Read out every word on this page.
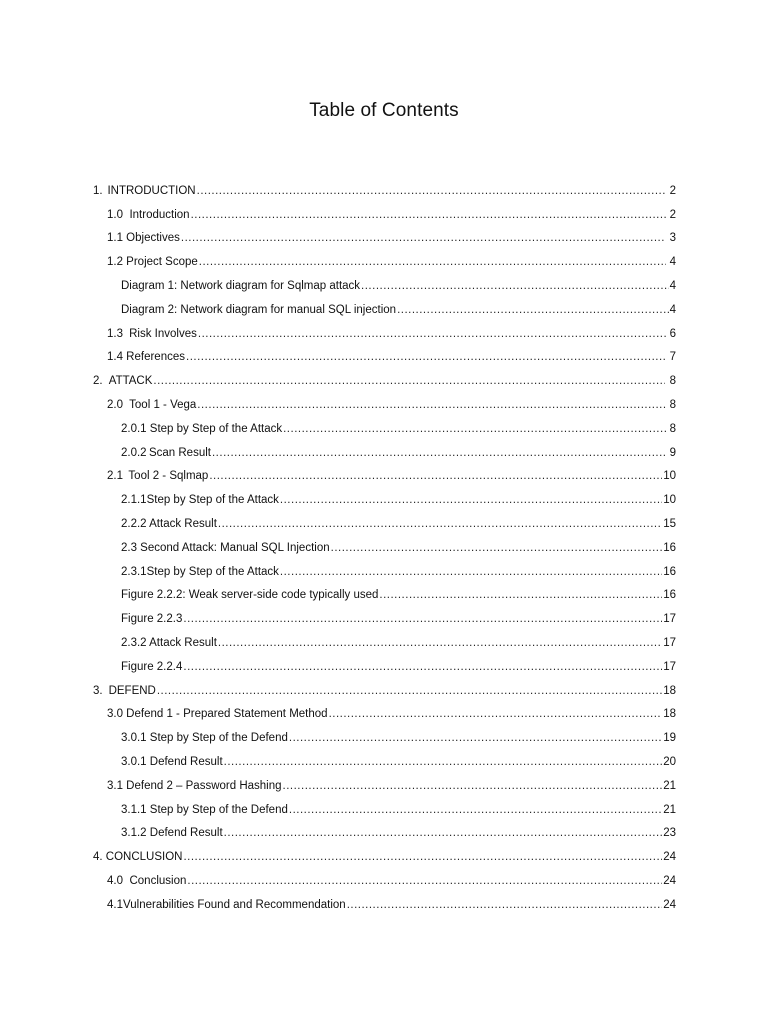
Table of Contents
1. INTRODUCTION .....	2
1.0 Introduction .....	2
1.1 Objectives .....	3
1.2 Project Scope .....	4
Diagram 1: Network diagram for Sqlmap attack .....	4
Diagram 2: Network diagram for manual SQL injection .....	4
1.3 Risk Involves .....	6
1.4 References .....	7
2. ATTACK .....	8
2.0 Tool 1 - Vega .....	8
2.0.1 Step by Step of the Attack .....	8
2.0.2 Scan Result .....	9
2.1 Tool 2 - Sqlmap .....	10
2.1.1 Step by Step of the Attack .....	10
2.2.2 Attack Result .....	15
2.3 Second Attack: Manual SQL Injection .....	16
2.3.1 Step by Step of the Attack .....	16
Figure 2.2.2: Weak server-side code typically used .....	16
Figure 2.2.3 .....	17
2.3.2 Attack Result .....	17
Figure 2.2.4 .....	17
3. DEFEND .....	18
3.0 Defend 1 - Prepared Statement Method .....	18
3.0.1 Step by Step of the Defend .....	19
3.0.1 Defend Result .....	20
3.1 Defend 2 – Password Hashing .....	21
3.1.1 Step by Step of the Defend .....	21
3.1.2 Defend Result .....	23
4. CONCLUSION .....	24
4.0 Conclusion .....	24
4.1 Vulnerabilities Found and Recommendation .....	24
